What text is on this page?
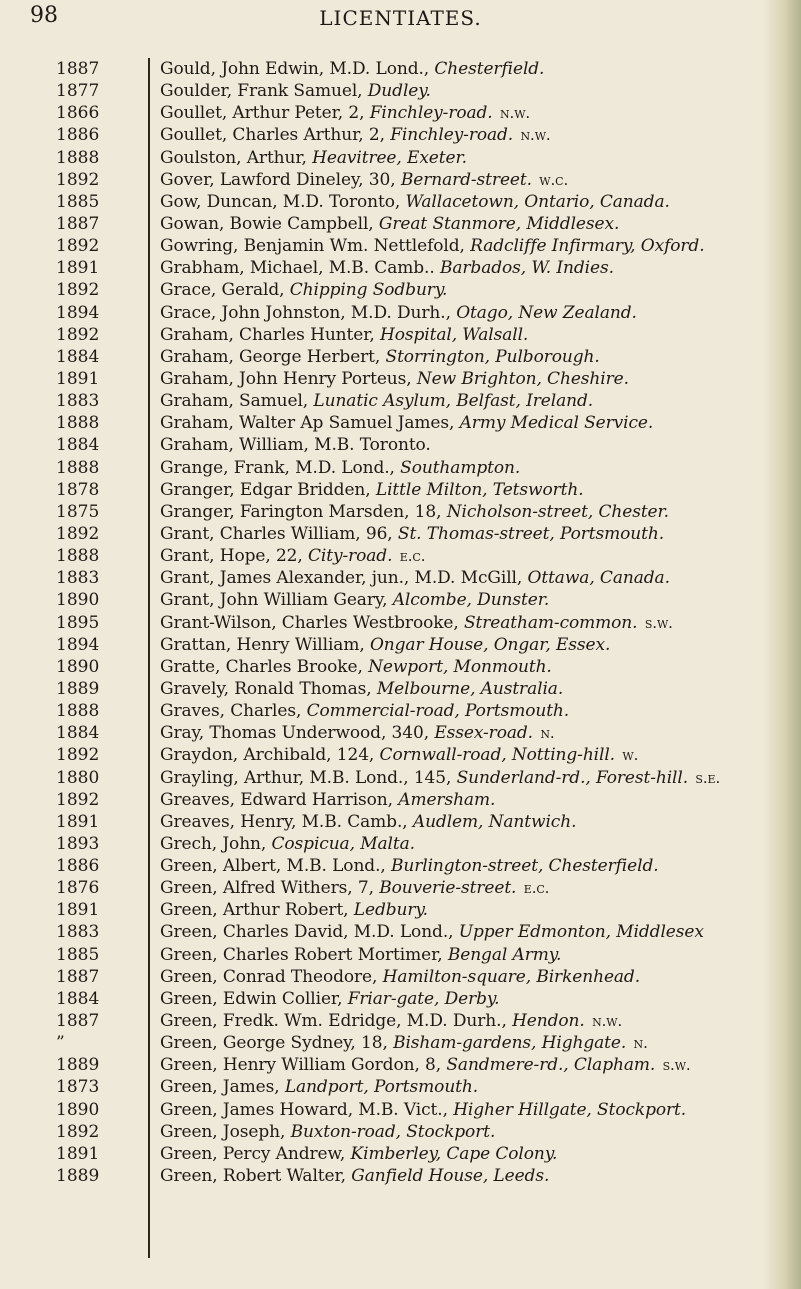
98	LICENTIATES.
1887	Gould, John Edwin, M.D. Lond., Chesterfield.
1877	Goulder, Frank Samuel, Dudley.
1866	Goullet, Arthur Peter, 2, Finchley-road. n.w.
1886	Goullet, Charles Arthur, 2, Finchley-road. n.w.
1888	Goulston, Arthur, Heavitree, Exeter.
1892	Gover, Lawford Dineley, 30, Bernard-street. w.c.
1885	Gow, Duncan, M.D. Toronto, Wallacetown, Ontario, Canada.
1887	Gowan, Bowie Campbell, Great Stanmore, Middlesex.
1892	Gowring, Benjamin Wm. Nettlefold, Radcliffe Infirmary, Oxford.
1891	Grabham, Michael, M.B. Camb.. Barbados, W. Indies.
1892	Grace, Gerald, Chipping Sodbury.
1894	Grace, John Johnston, M.D. Durh., Otago, New Zealand.
1892	Graham, Charles Hunter, Hospital, Walsall.
1884	Graham, George Herbert, Storrington, Pulborough.
1891	Graham, John Henry Porteus, New Brighton, Cheshire.
1883	Graham, Samuel, Lunatic Asylum, Belfast, Ireland.
1888	Graham, Walter Ap Samuel James, Army Medical Service.
1884	Graham, William, M.B. Toronto.
1888	Grange, Frank, M.D. Lond., Southampton.
1878	Granger, Edgar Bridden, Little Milton, Tetsworth.
1875	Granger, Farington Marsden, 18, Nicholson-street, Chester.
1892	Grant, Charles William, 96, St. Thomas-street, Portsmouth.
1888	Grant, Hope, 22, City-road. e.c.
1883	Grant, James Alexander, jun., M.D. McGill, Ottawa, Canada.
1890	Grant, John William Geary, Alcombe, Dunster.
1895	Grant-Wilson, Charles Westbrooke, Streatham-common. s.w.
1894	Grattan, Henry William, Ongar House, Ongar, Essex.
1890	Gratte, Charles Brooke, Newport, Monmouth.
1889	Gravely, Ronald Thomas, Melbourne, Australia.
1888	Graves, Charles, Commercial-road, Portsmouth.
1884	Gray, Thomas Underwood, 340, Essex-road. n.
1892	Graydon, Archibald, 124, Cornwall-road, Notting-hill. w.
1880	Grayling, Arthur, M.B. Lond., 145, Sunderland-rd., Forest-hill. s.e.
1892	Greaves, Edward Harrison, Amersham.
1891	Greaves, Henry, M.B. Camb., Audlem, Nantwich.
1893	Grech, John, Cospicua, Malta.
1886	Green, Albert, M.B. Lond., Burlington-street, Chesterfield.
1876	Green, Alfred Withers, 7, Bouverie-street. e.c.
1891	Green, Arthur Robert, Ledbury.
1883	Green, Charles David, M.D. Lond., Upper Edmonton, Middlesex
1885	Green, Charles Robert Mortimer, Bengal Army.
1887	Green, Conrad Theodore, Hamilton-square, Birkenhead.
1884	Green, Edwin Collier, Friar-gate, Derby.
1887	Green, Fredk. Wm. Edridge, M.D. Durh., Hendon. n.w.
”	Green, George Sydney, 18, Bisham-gardens, Highgate. n.
1889	Green, Henry William Gordon, 8, Sandmere-rd., Clapham. s.w.
1873	Green, James, Landport, Portsmouth.
1890	Green, James Howard, M.B. Vict., Higher Hillgate, Stockport.
1892	Green, Joseph, Buxton-road, Stockport.
1891	Green, Percy Andrew, Kimberley, Cape Colony.
1889	Green, Robert Walter, Ganfield House, Leeds.
